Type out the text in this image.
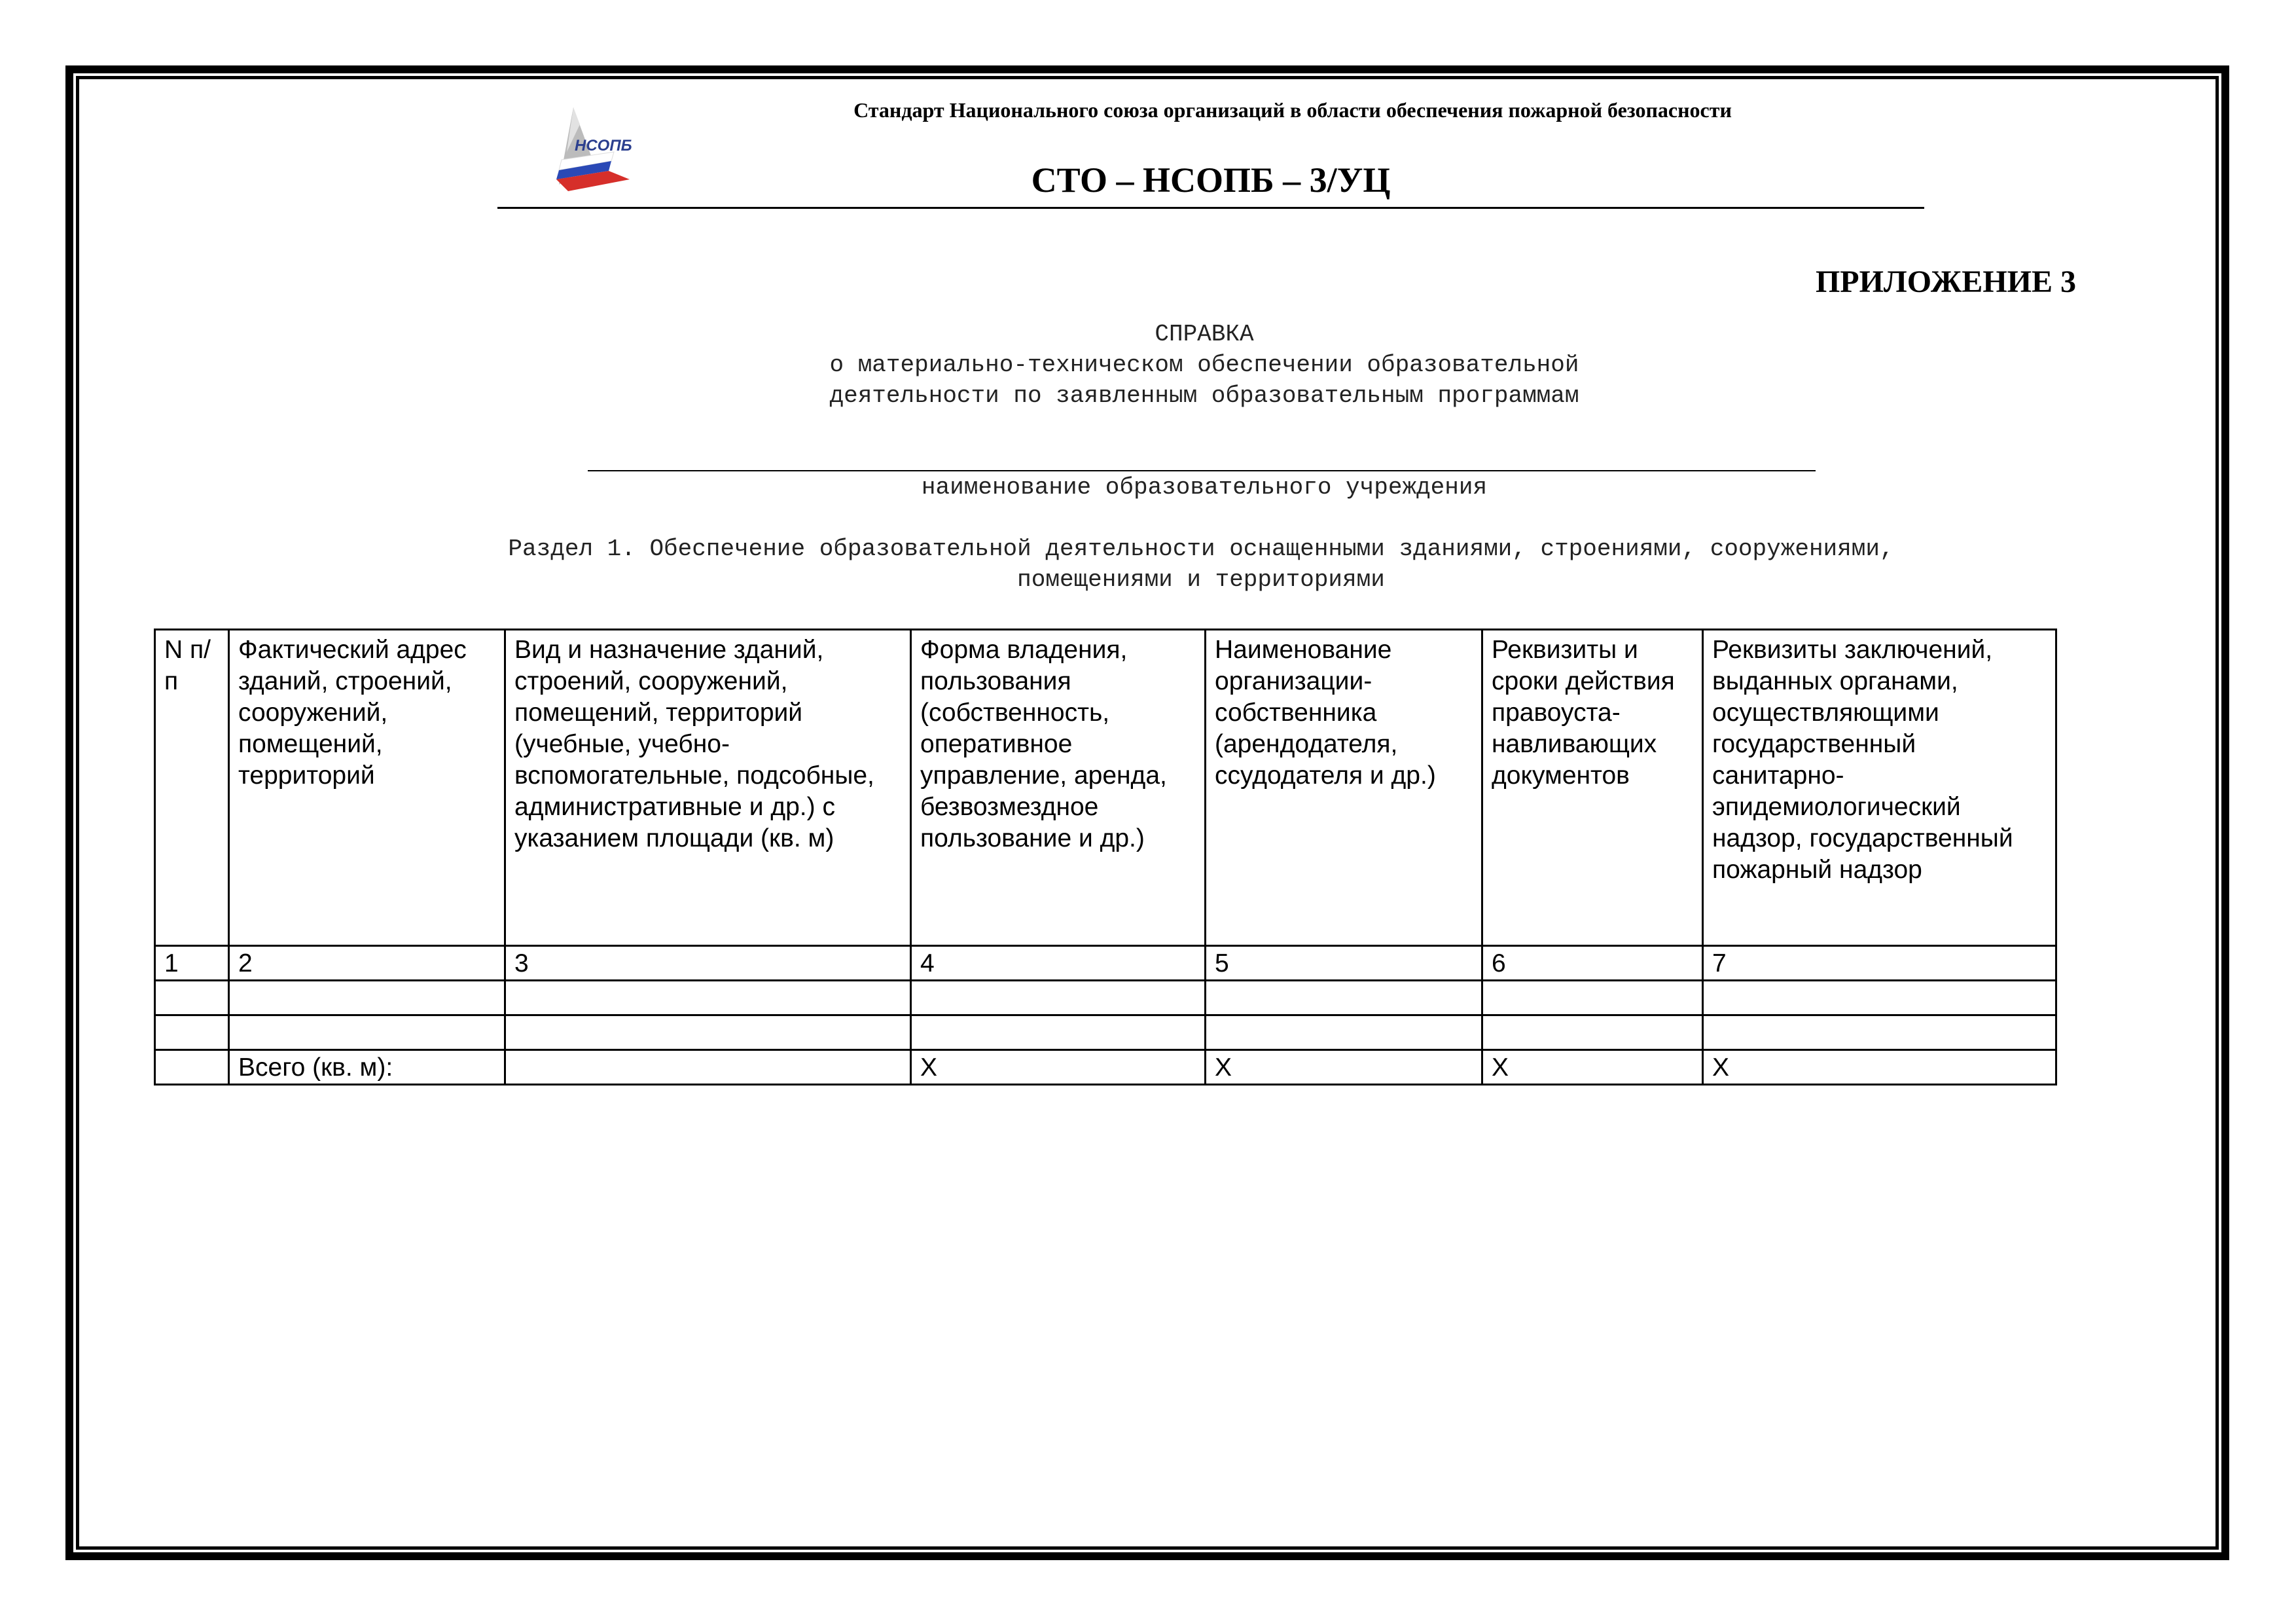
НСОПБ
Стандарт Национального союза организаций в области обеспечения пожарной безопасности
СТО – НСОПБ – 3/УЦ
ПРИЛОЖЕНИЕ 3
СПРАВКА
о материально-техническом обеспечении образовательной
деятельности по заявленным образовательным программам
наименование образовательного учреждения
Раздел 1. Обеспечение образовательной деятельности оснащенными зданиями, строениями, сооружениями,
помещениями и территориями
N п/п	Фактический адрес зданий, строений, сооружений, помещений, территорий	Вид и назначение зданий, строений, сооружений, помещений, территорий (учебные, учебно-вспомогательные, подсобные, административные и др.) с указанием площади (кв. м)	Форма владения, пользования (собственность, оперативное управление, аренда, безвозмездное пользование и др.)	Наименование организации-собственника (арендодателя, ссудодателя и др.)	Реквизиты и сроки действия правоуста-навливающих документов	Реквизиты заключений, выданных органами, осуществляющими государственный санитарно-эпидемиологический надзор, государственный пожарный надзор
1	2	3	4	5	6	7

	Всего (кв. м):		X	X	X	X
